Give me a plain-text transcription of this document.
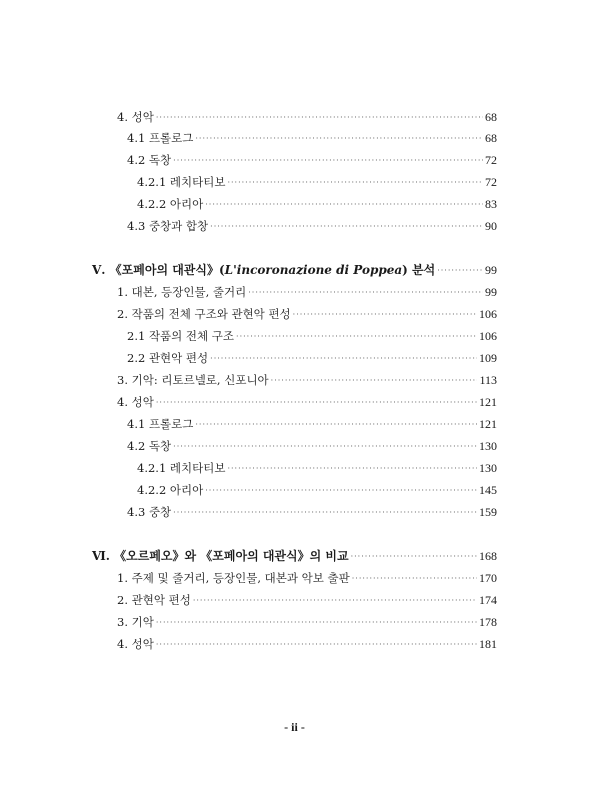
4. 성악 ·····	68
4.1 프롤로그 ·····	68
4.2 독창 ·····	72
4.2.1 레치타티보 ·····	72
4.2.2 아리아 ·····	83
4.3 중창과 합창 ·····	90
Ⅴ. 《포페아의 대관식》(L'incoronazione di Poppea) 분석 ·····	99
1. 대본, 등장인물, 줄거리 ·····	99
2. 작품의 전체 구조와 관현악 편성 ·····	106
2.1 작품의 전체 구조 ·····	106
2.2 관현악 편성 ·····	109
3. 기악: 리토르넬로, 신포니아 ·····	113
4. 성악 ·····	121
4.1 프롤로그 ·····	121
4.2 독창 ·····	130
4.2.1 레치타티보 ·····	130
4.2.2 아리아 ·····	145
4.3 중창 ·····	159
Ⅵ. 《오르페오》와 《포페아의 대관식》의 비교 ·····	168
1. 주제 및 줄거리, 등장인물, 대본과 악보 출판 ·····	170
2. 관현악 편성 ·····	174
3. 기악 ·····	178
4. 성악 ·····	181
- ii -
